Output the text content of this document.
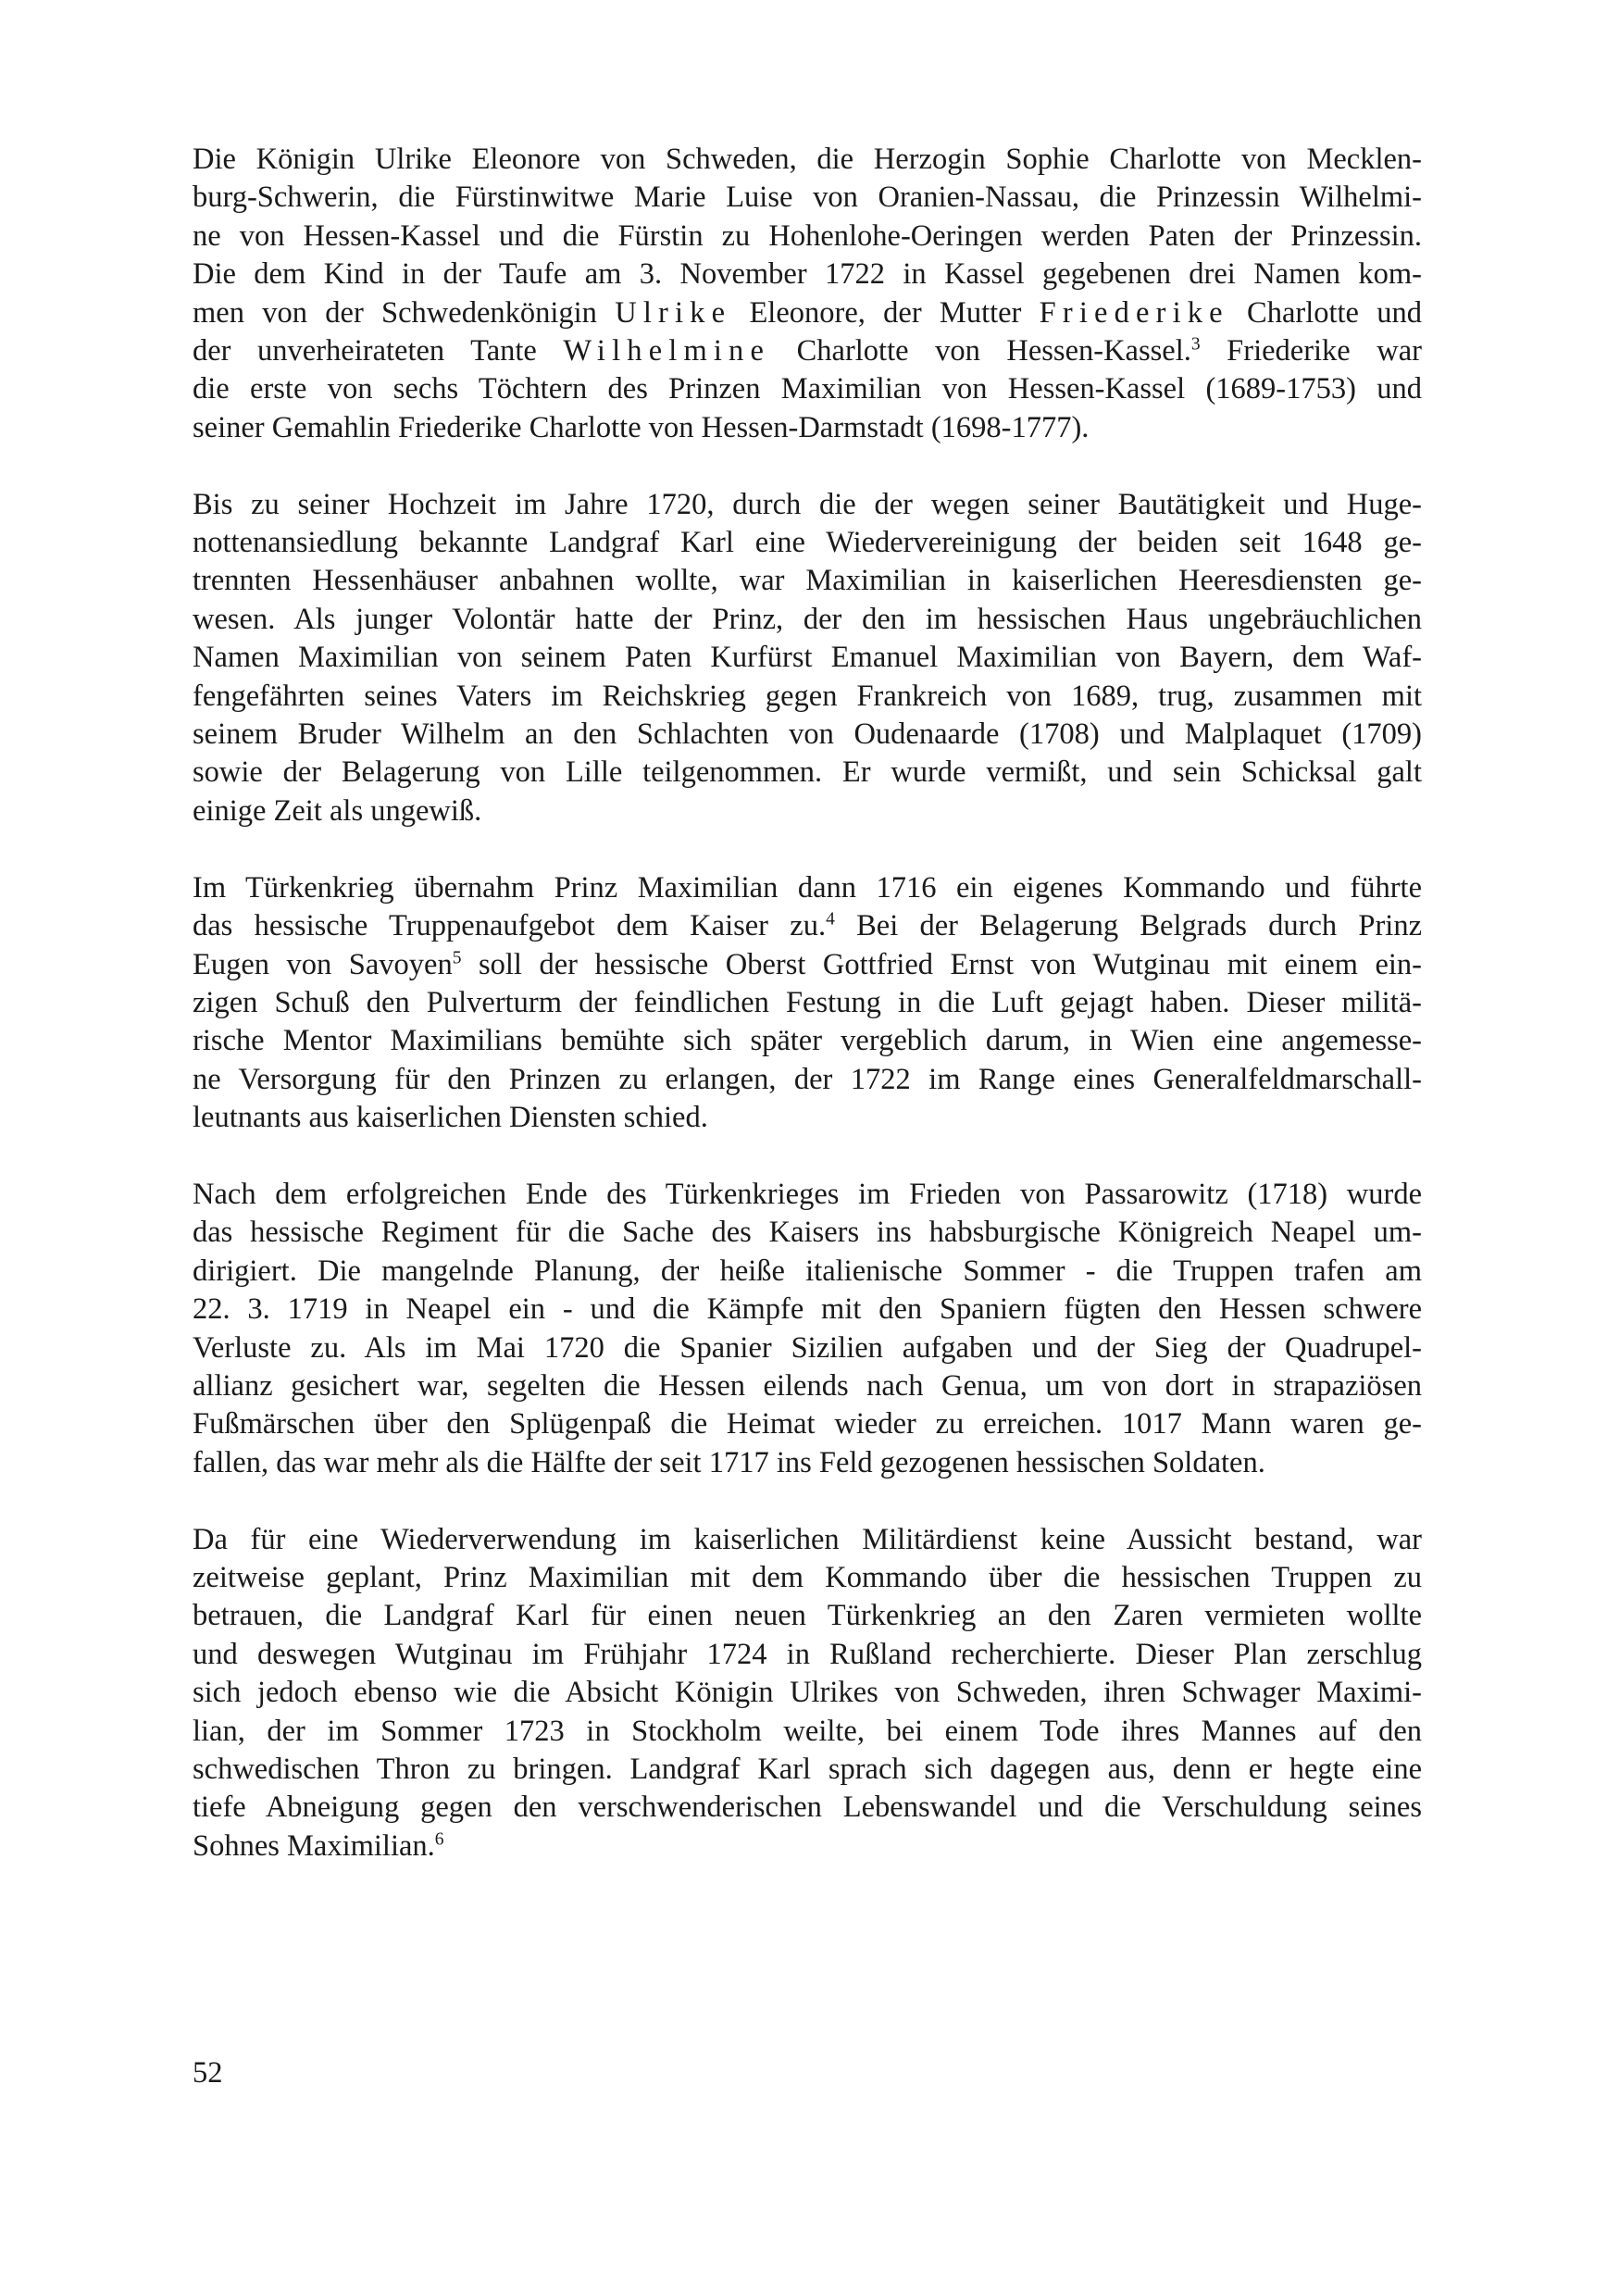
Die Königin Ulrike Eleonore von Schweden, die Herzogin Sophie Charlotte von Mecklen-
burg-Schwerin, die Fürstinwitwe Marie Luise von Oranien-Nassau, die Prinzessin Wilhelmi-
ne von Hessen-Kassel und die Fürstin zu Hohenlohe-Oeringen werden Paten der Prinzessin.
Die dem Kind in der Taufe am 3. November 1722 in Kassel gegebenen drei Namen kom-
men von der Schwedenkönigin Ulrike Eleonore, der Mutter Friederike Charlotte und
der unverheirateten Tante Wilhelmine Charlotte von Hessen-Kassel.$^3$ Friederike war
die erste von sechs Töchtern des Prinzen Maximilian von Hessen-Kassel (1689-1753) und
seiner Gemahlin Friederike Charlotte von Hessen-Darmstadt (1698-1777).
Bis zu seiner Hochzeit im Jahre 1720, durch die der wegen seiner Bautätigkeit und Huge-
nottenansiedlung bekannte Landgraf Karl eine Wiedervereinigung der beiden seit 1648 ge-
trennten Hessenhäuser anbahnen wollte, war Maximilian in kaiserlichen Heeresdiensten ge-
wesen. Als junger Volontär hatte der Prinz, der den im hessischen Haus ungebräuchlichen
Namen Maximilian von seinem Paten Kurfürst Emanuel Maximilian von Bayern, dem Waf-
fengefährten seines Vaters im Reichskrieg gegen Frankreich von 1689, trug, zusammen mit
seinem Bruder Wilhelm an den Schlachten von Oudenaarde (1708) und Malplaquet (1709)
sowie der Belagerung von Lille teilgenommen. Er wurde vermißt, und sein Schicksal galt
einige Zeit als ungewiß.
Im Türkenkrieg übernahm Prinz Maximilian dann 1716 ein eigenes Kommando und führte
das hessische Truppenaufgebot dem Kaiser zu.$^4$ Bei der Belagerung Belgrads durch Prinz
Eugen von Savoyen$^5$ soll der hessische Oberst Gottfried Ernst von Wutginau mit einem ein-
zigen Schuß den Pulverturm der feindlichen Festung in die Luft gejagt haben. Dieser militä-
rische Mentor Maximilians bemühte sich später vergeblich darum, in Wien eine angemesse-
ne Versorgung für den Prinzen zu erlangen, der 1722 im Range eines Generalfeldmarschall-
leutnants aus kaiserlichen Diensten schied.
Nach dem erfolgreichen Ende des Türkenkrieges im Frieden von Passarowitz (1718) wurde
das hessische Regiment für die Sache des Kaisers ins habsburgische Königreich Neapel um-
dirigiert. Die mangelnde Planung, der heiße italienische Sommer - die Truppen trafen am
22. 3. 1719 in Neapel ein - und die Kämpfe mit den Spaniern fügten den Hessen schwere
Verluste zu. Als im Mai 1720 die Spanier Sizilien aufgaben und der Sieg der Quadrupel-
allianz gesichert war, segelten die Hessen eilends nach Genua, um von dort in strapaziösen
Fußmärschen über den Splügenpaß die Heimat wieder zu erreichen. 1017 Mann waren ge-
fallen, das war mehr als die Hälfte der seit 1717 ins Feld gezogenen hessischen Soldaten.
Da für eine Wiederverwendung im kaiserlichen Militärdienst keine Aussicht bestand, war
zeitweise geplant, Prinz Maximilian mit dem Kommando über die hessischen Truppen zu
betrauen, die Landgraf Karl für einen neuen Türkenkrieg an den Zaren vermieten wollte
und deswegen Wutginau im Frühjahr 1724 in Rußland recherchierte. Dieser Plan zerschlug
sich jedoch ebenso wie die Absicht Königin Ulrikes von Schweden, ihren Schwager Maximi-
lian, der im Sommer 1723 in Stockholm weilte, bei einem Tode ihres Mannes auf den
schwedischen Thron zu bringen. Landgraf Karl sprach sich dagegen aus, denn er hegte eine
tiefe Abneigung gegen den verschwenderischen Lebenswandel und die Verschuldung seines
Sohnes Maximilian.$^6$
52
